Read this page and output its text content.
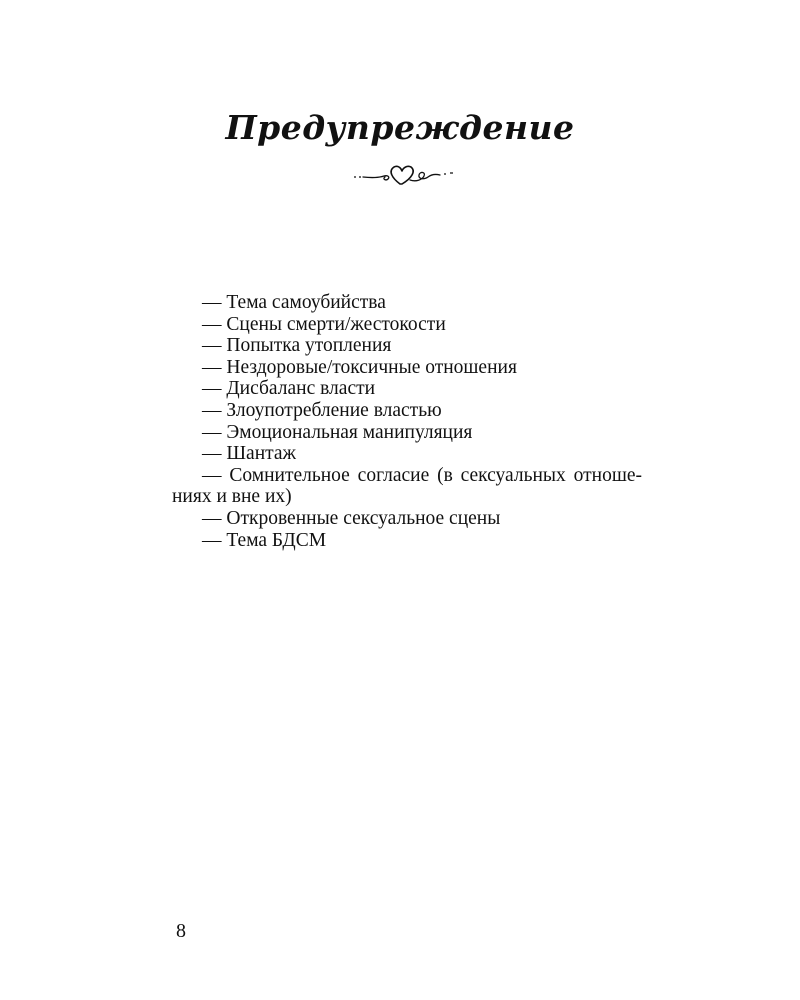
Предупреждение
— Тема самоубийства
— Сцены смерти/жестокости
— Попытка утопления
— Нездоровые/токсичные отношения
— Дисбаланс власти
— Злоупотребление властью
— Эмоциональная манипуляция
— Шантаж
— Сомнительное согласие (в сексуальных отноше- ниях и вне их)
— Откровенные сексуальное сцены
— Тема БДСМ
8
